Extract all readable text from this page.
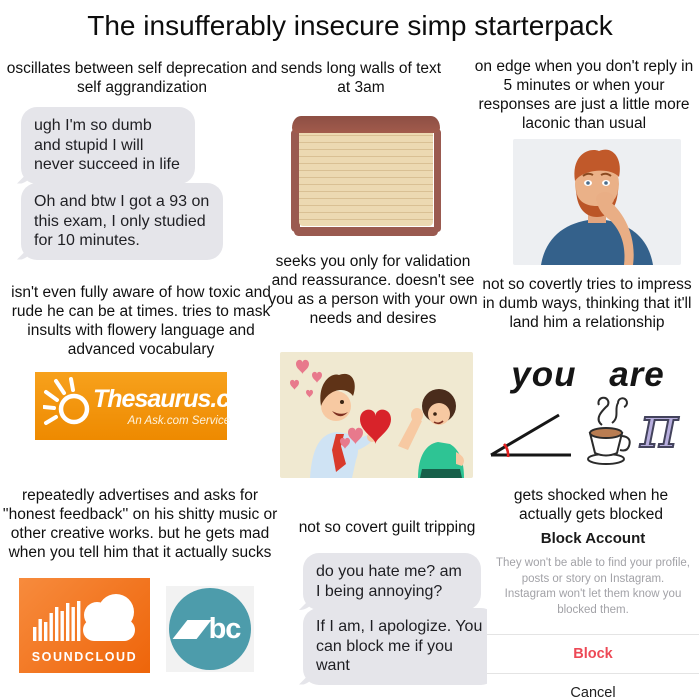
The insufferably insecure simp starterpack
oscillates between self deprecation and self aggrandization
ugh I'm so dumb and stupid I will never succeed in life
Oh and btw I got a 93 on this exam, I only studied for 10 minutes.
sends long walls of text at 3am
on edge when you don't reply in 5 minutes or when your responses are just a little more laconic than usual
isn't even fully aware of how toxic and rude he can be at times. tries to mask insults with flowery language and advanced vocabulary
Thesaurus.com
An Ask.com Service
seeks you only for validation and reassurance. doesn't see you as a person with your own needs and desires
not so covertly tries to impress in dumb ways, thinking that it'll land him a relationship
you are
π
repeatedly advertises and asks for ''honest feedback'' on his shitty music or other creative works. but he gets mad when you tell him that it actually sucks
SOUNDCLOUD
bc
not so covert guilt tripping
do you hate me? am I being annoying?
If I am, I apologize. You can block me if you want
gets shocked when he actually gets blocked
Block Account
They won't be able to find your profile, posts or story on Instagram. Instagram won't let them know you blocked them.
Block
Cancel
